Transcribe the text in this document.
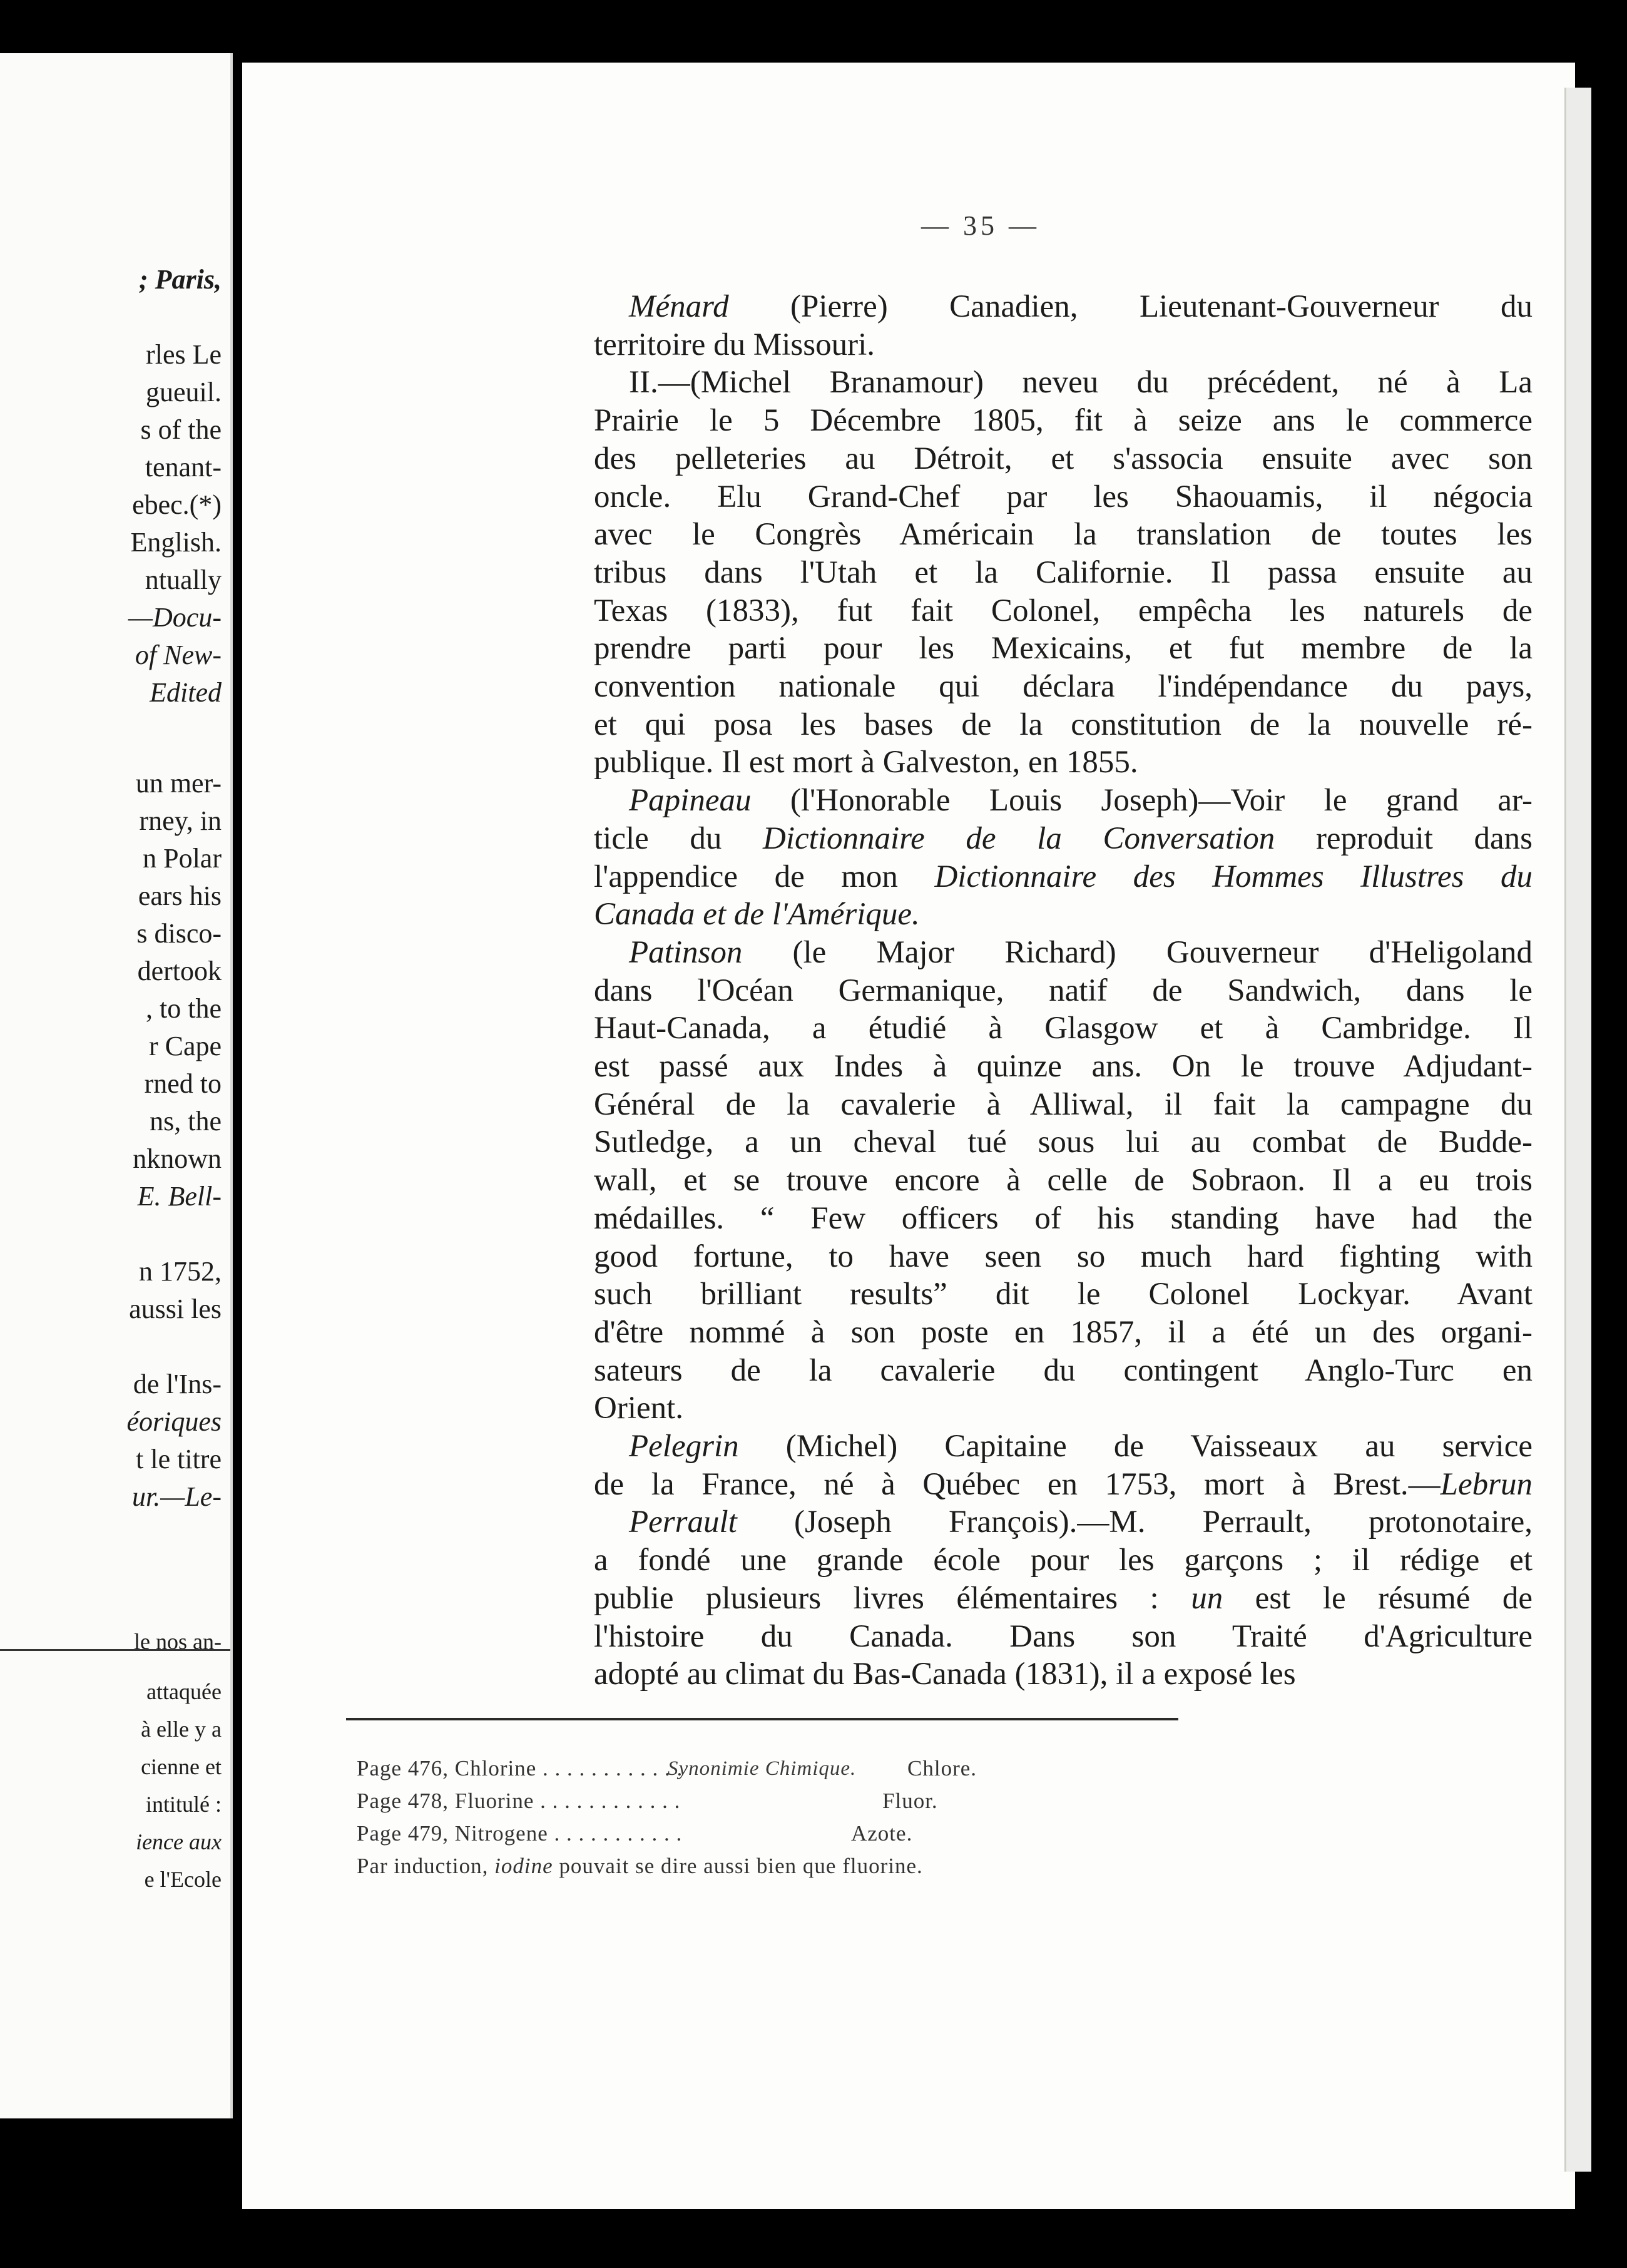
; Paris,
rles Le
gueuil.
s of the
tenant-
ebec.(*)
English.
ntually
—Docu-
of New-
Edited
un mer-
rney, in
n Polar
ears his
s disco-
dertook
, to the
r Cape
rned to
ns, the
nknown
E. Bell-
n 1752,
aussi les
de l'Ins-
éoriques
t le titre
ur.—Le-
le nos an-
attaquée
à elle y a
cienne et
intitulé :
ience aux
e l'Ecole
— 35 —
Ménard (Pierre) Canadien, Lieutenant-Gouverneur du
territoire du Missouri.
II.—(Michel Branamour) neveu du précédent, né à La
Prairie le 5 Décembre 1805, fit à seize ans le commerce
des pelleteries au Détroit, et s'associa ensuite avec son
oncle. Elu Grand-Chef par les Shaouamis, il négocia
avec le Congrès Américain la translation de toutes les
tribus dans l'Utah et la Californie. Il passa ensuite au
Texas (1833), fut fait Colonel, empêcha les naturels de
prendre parti pour les Mexicains, et fut membre de la
convention nationale qui déclara l'indépendance du pays,
et qui posa les bases de la constitution de la nouvelle ré-
publique. Il est mort à Galveston, en 1855.
Papineau (l'Honorable Louis Joseph)—Voir le grand ar-
ticle du Dictionnaire de la Conversation reproduit dans
l'appendice de mon Dictionnaire des Hommes Illustres du
Canada et de l'Amérique.
Patinson (le Major Richard) Gouverneur d'Heligoland
dans l'Océan Germanique, natif de Sandwich, dans le
Haut-Canada, a étudié à Glasgow et à Cambridge. Il
est passé aux Indes à quinze ans. On le trouve Adjudant-
Général de la cavalerie à Alliwal, il fait la campagne du
Sutledge, a un cheval tué sous lui au combat de Budde-
wall, et se trouve encore à celle de Sobraon. Il a eu trois
médailles. “ Few officers of his standing have had the
good fortune, to have seen so much hard fighting with
such brilliant results” dit le Colonel Lockyar. Avant
d'être nommé à son poste en 1857, il a été un des organi-
sateurs de la cavalerie du contingent Anglo-Turc en
Orient.
Pelegrin (Michel) Capitaine de Vaisseaux au service
de la France, né à Québec en 1753, mort à Brest.—Lebrun
Perrault (Joseph François).—M. Perrault, protonotaire,
a fondé une grande école pour les garçons ; il rédige et
publie plusieurs livres élémentaires : un est le résumé de
l'histoire du Canada. Dans son Traité d'Agriculture
adopté au climat du Bas-Canada (1831), il a exposé les
Synonimie Chimique.
Page 476, Chlorine . . . . . . . . . . . .	Chlore.
Page 478, Fluorine . . . . . . . . . . . .	Fluor.
Page 479, Nitrogene . . . . . . . . . . .	Azote.
Par induction, iodine pouvait se dire aussi bien que fluorine.
